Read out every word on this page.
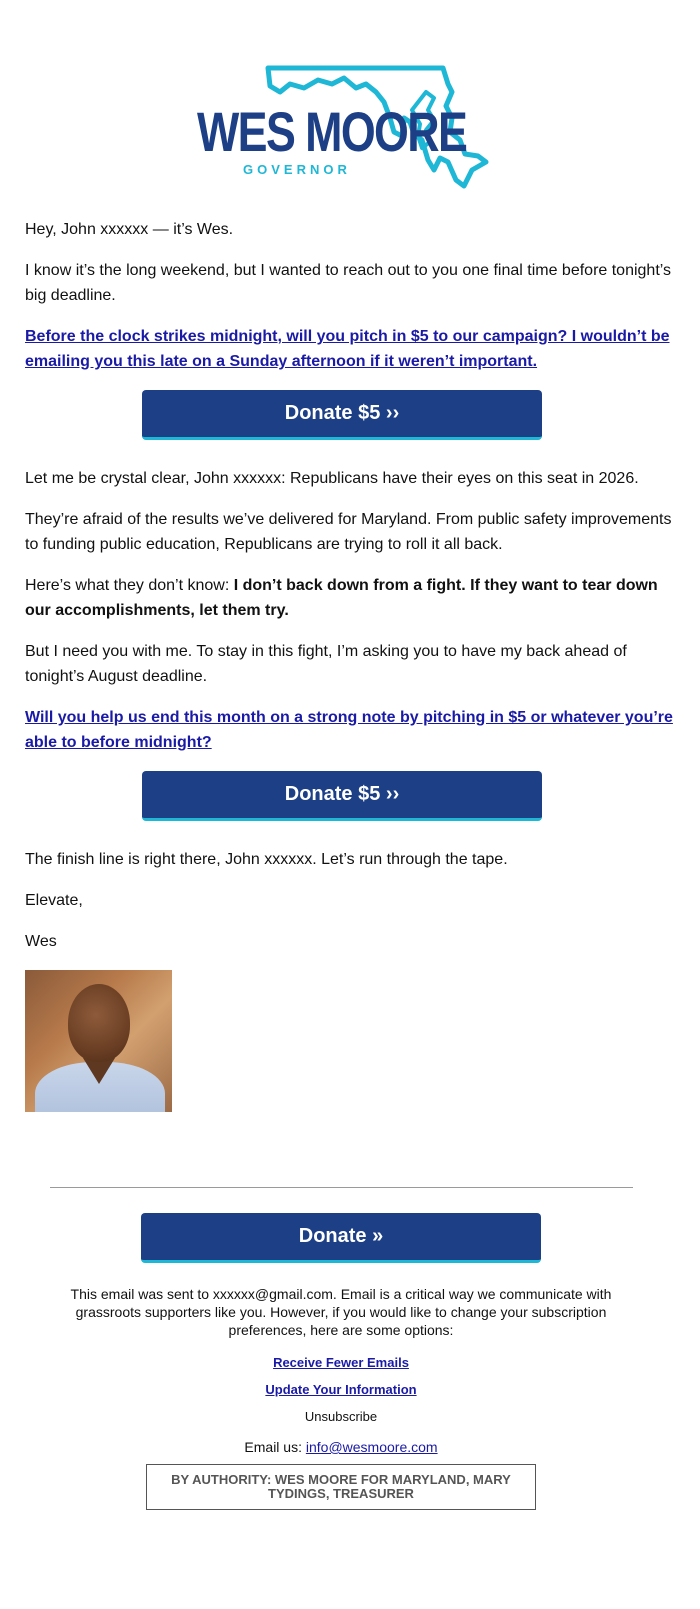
WES MOORE
GOVERNOR

Hey, John xxxxxx — it’s Wes.

I know it’s the long weekend, but I wanted to reach out to you one final time before tonight’s big deadline.

Before the clock strikes midnight, will you pitch in $5 to our campaign? I wouldn’t be emailing you this late on a Sunday afternoon if it weren’t important.

Donate $5 ››

Let me be crystal clear, John xxxxxx: Republicans have their eyes on this seat in 2026.

They’re afraid of the results we’ve delivered for Maryland. From public safety improvements to funding public education, Republicans are trying to roll it all back.

Here’s what they don’t know: I don’t back down from a fight. If they want to tear down our accomplishments, let them try.

But I need you with me. To stay in this fight, I’m asking you to have my back ahead of tonight’s August deadline.

Will you help us end this month on a strong note by pitching in $5 or whatever you’re able to before midnight?

Donate $5 ››

The finish line is right there, John xxxxxx. Let’s run through the tape.

Elevate,

Wes

Donate »
This email was sent to xxxxxx@gmail.com. Email is a critical way we communicate with grassroots supporters like you. However, if you would like to change your subscription preferences, here are some options:
Receive Fewer Emails
Update Your Information
Unsubscribe
Email us: info@wesmoore.com
BY AUTHORITY: WES MOORE FOR MARYLAND, MARY TYDINGS, TREASURER
